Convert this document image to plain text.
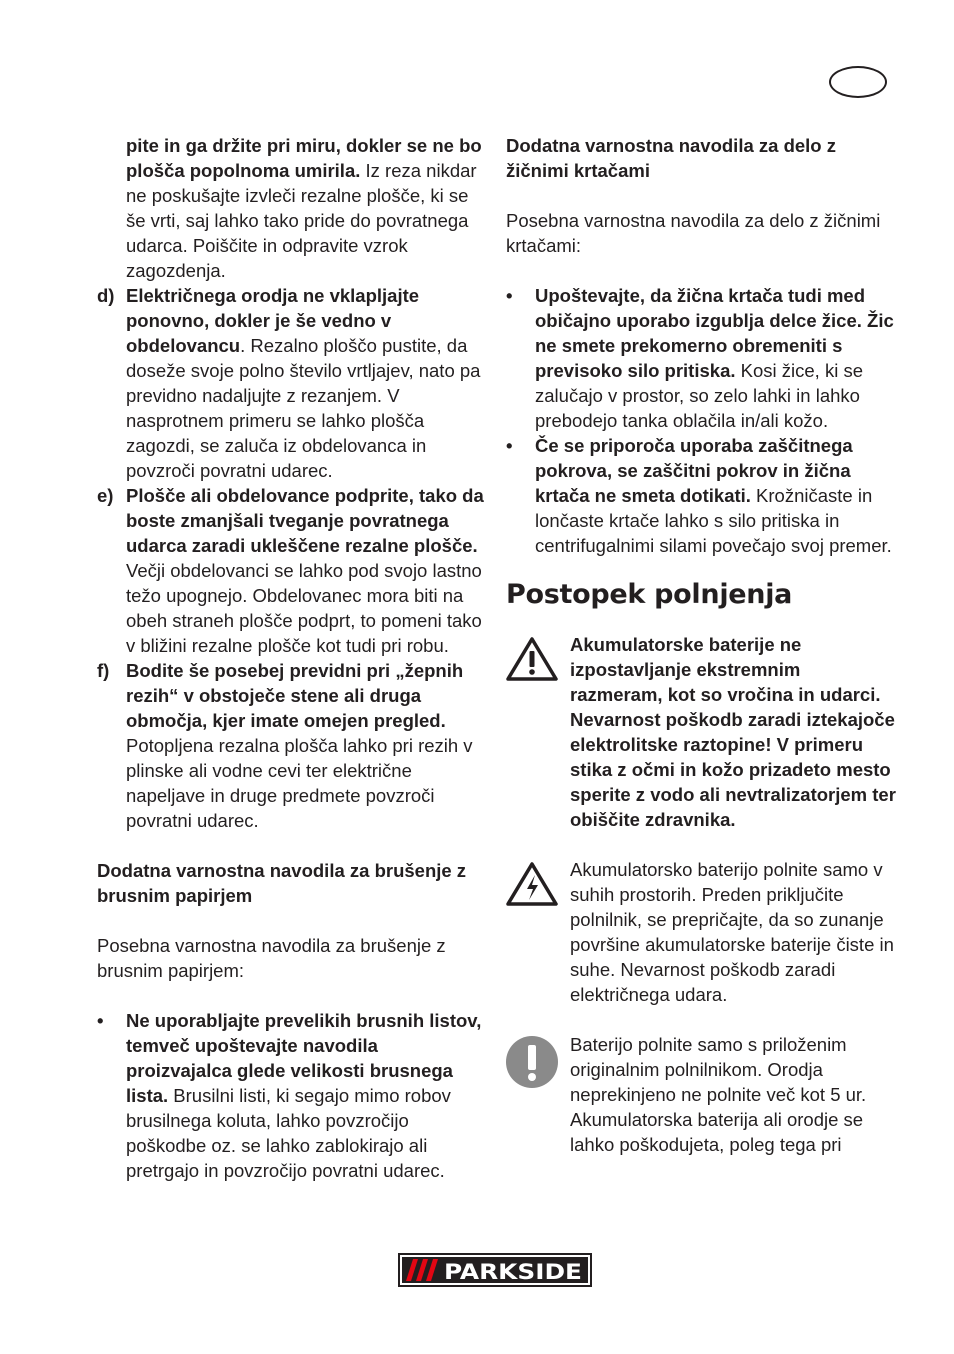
pite in ga držite pri miru, dokler se ne bo plošča popolnoma umirila. Iz reza nikdar ne poskušajte izvleči rezalne plošče, ki se še vrti, saj lahko tako pride do povratnega udarca. Poiščite in odpravite vzrok zagozdenja.

d) Električnega orodja ne vklapljajte ponovno, dokler je še vedno v obdelovancu. Rezalno ploščo pustite, da doseže svoje polno število vrtljajev, nato pa previdno nadaljujte z rezanjem. V nasprotnem primeru se lahko plošča zagozdi, se zaluča iz obdelovanca in povzroči povratni udarec.
e) Plošče ali obdelovance podprite, tako da boste zmanjšali tveganje povratnega udarca zaradi ukleščene rezalne plošče. Večji obdelovanci se lahko pod svojo lastno težo upognejo. Obdelovanec mora biti na obeh straneh plošče podprt, to pomeni tako v bližini rezalne plošče kot tudi pri robu.
f) Bodite še posebej previdni pri „žepnih rezih“ v obstoječe stene ali druga območja, kjer imate omejen pregled. Potopljena rezalna plošča lahko pri rezih v plinske ali vodne cevi ter električne napeljave in druge predmete povzroči povratni udarec.

Dodatna varnostna navodila za brušenje z brusnim papirjem

Posebna varnostna navodila za brušenje z brusnim papirjem:

•	Ne uporabljajte prevelikih brusnih listov, temveč upoštevajte navodila proizvajalca glede velikosti brusnega lista. Brusilni listi, ki segajo mimo robov brusilnega koluta, lahko povzročijo poškodbe oz. se lahko zablokirajo ali pretrgajo in povzročijo povratni udarec.

Dodatna varnostna navodila za delo z žičnimi krtačami

Posebna varnostna navodila za delo z žičnimi krtačami:

•	Upoštevajte, da žična krtača tudi med običajno uporabo izgublja delce žice. Žic ne smete prekomerno obremeniti s previsoko silo pritiska. Kosi žice, ki se zalučajo v prostor, so zelo lahki in lahko prebodejo tanka oblačila in/ali kožo.
•	Če se priporoča uporaba zaščitnega pokrova, se zaščitni pokrov in žična krtača ne smeta dotikati. Krožničaste in lončaste krtače lahko s silo pritiska in centrifugalnimi silami povečajo svoj premer.
Postopek polnjenja

Akumulatorske baterije ne izpostavljanje ekstremnim razmeram, kot so vročina in udarci. Nevarnost poškodb zaradi iztekajoče elektrolitske raztopine! V primeru stika z očmi in kožo prizadeto mesto sperite z vodo ali nevtralizatorjem ter obiščite zdravnika.

Akumulatorsko baterijo polnite samo v suhih prostorih. Preden priključite polnilnik, se prepričajte, da so zunanje površine akumulatorske baterije čiste in suhe. Nevarnost poškodb zaradi električnega udara.

Baterijo polnite samo s priloženim originalnim polnilnikom. Orodja neprekinjeno ne polnite več kot 5 ur. Akumulatorska baterija ali orodje se lahko poškodujeta, poleg tega pri

PARKSIDE
